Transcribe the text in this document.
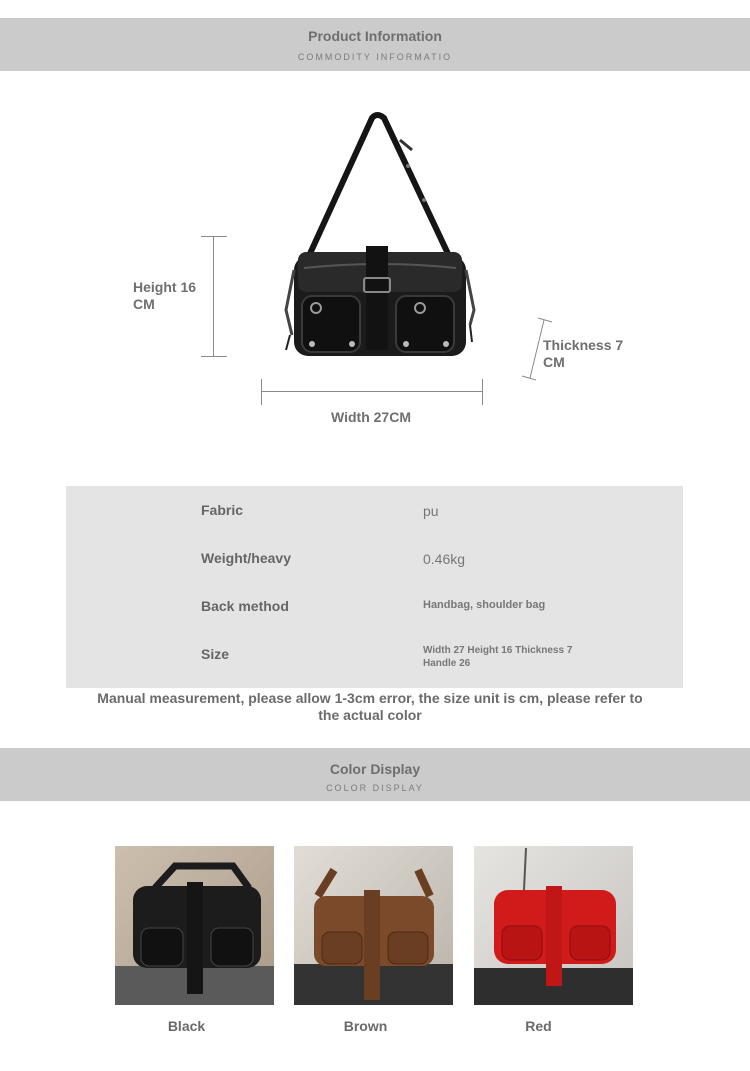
Product Information
COMMODITY INFORMATIO
Height 16
CM
Thickness 7
CM
Width 27CM
Fabric	pu
Weight/heavy	0.46kg
Back method	Handbag, shoulder bag
Size	Width 27 Height 16 Thickness 7
Handle 26
Manual measurement, please allow 1-3cm error, the size unit is cm, please refer to the actual color
Color Display
COLOR DISPLAY
Black	Brown	Red
